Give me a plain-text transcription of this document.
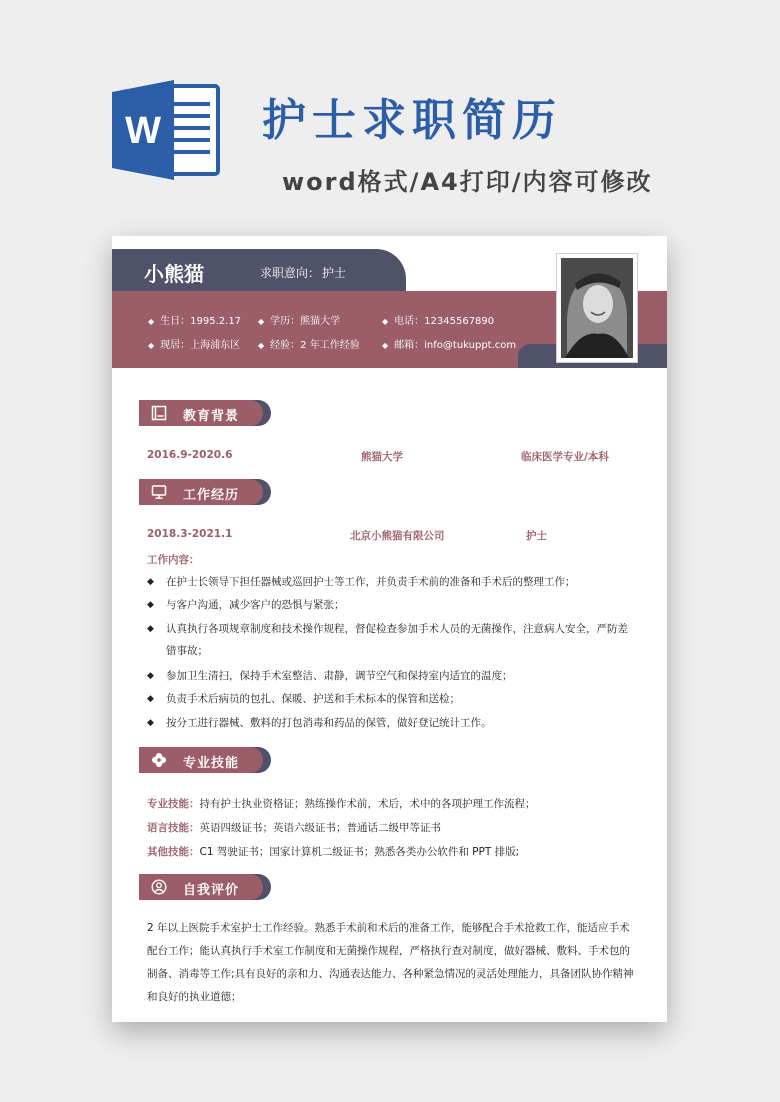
W 护士求职简历
word格式/A4打印/内容可修改
小熊猫	求职意向： 护士
◆ 生日：1995.2.17 ◆ 学历：熊猫大学	◆ 电话：12345567890
◆ 现居：上海浦东区 ◆ 经验：2 年工作经验	◆ 邮箱：info@tukuppt.com
教育背景
2016.9-2020.6	熊猫大学	临床医学专业/本科
工作经历
2018.3-2021.1	北京小熊猫有限公司	护士
工作内容：
◆ 在护士长领导下担任器械或巡回护士等工作，并负责手术前的准备和手术后的整理工作；
◆ 与客户沟通，减少客户的恐惧与紧张；
◆ 认真执行各项规章制度和技术操作规程，督促检查参加手术人员的无菌操作，注意病人安全，严防差错事故；
◆ 参加卫生清扫，保持手术室整洁、肃静，调节空气和保持室内适宜的温度；
◆ 负责手术后病员的包扎、保暖、护送和手术标本的保管和送检；
◆ 按分工进行器械、敷料的打包消毒和药品的保管，做好登记统计工作。
专业技能
专业技能：持有护士执业资格证；熟练操作术前，术后，术中的各项护理工作流程；
语言技能：英语四级证书；英语六级证书；普通话二级甲等证书
其他技能：C1 驾驶证书；国家计算机二级证书；熟悉各类办公软件和 PPT 排版;
自我评价
2 年以上医院手术室护士工作经验。熟悉手术前和术后的准备工作，能够配合手术抢救工作，能适应手术配台工作；能认真执行手术室工作制度和无菌操作规程，严格执行查对制度，做好器械、敷料、手术包的制备、消毒等工作;具有良好的亲和力、沟通表达能力、各种紧急情况的灵活处理能力，具备团队协作精神和良好的执业道德；
